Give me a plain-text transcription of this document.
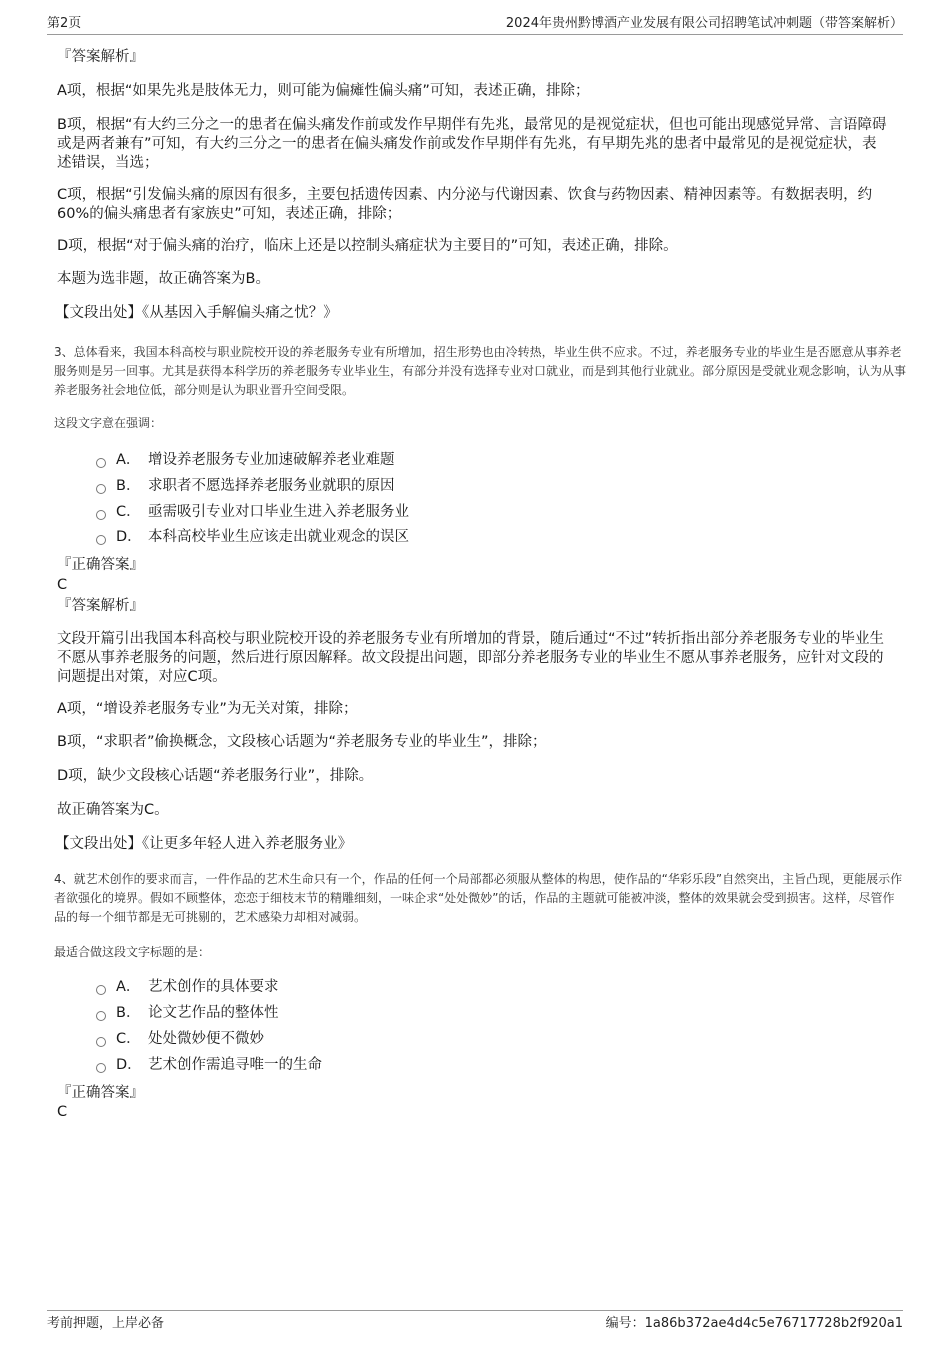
第2页	2024年贵州黔博酒产业发展有限公司招聘笔试冲刺题（带答案解析）
『答案解析』
A项，根据“如果先兆是肢体无力，则可能为偏瘫性偏头痛”可知，表述正确，排除；
B项，根据“有大约三分之一的患者在偏头痛发作前或发作早期伴有先兆，最常见的是视觉症状，但也可能出现感觉异常、言语障碍或是两者兼有”可知，有大约三分之一的患者在偏头痛发作前或发作早期伴有先兆，有早期先兆的患者中最常见的是视觉症状，表述错误，当选；
C项，根据“引发偏头痛的原因有很多，主要包括遗传因素、内分泌与代谢因素、饮食与药物因素、精神因素等。有数据表明，约60%的偏头痛患者有家族史”可知，表述正确，排除；
D项，根据“对于偏头痛的治疗，临床上还是以控制头痛症状为主要目的”可知，表述正确，排除。
本题为选非题，故正确答案为B。
【文段出处】《从基因入手解偏头痛之忧？》
3、总体看来，我国本科高校与职业院校开设的养老服务专业有所增加，招生形势也由冷转热，毕业生供不应求。不过，养老服务专业的毕业生是否愿意从事养老服务则是另一回事。尤其是获得本科学历的养老服务专业毕业生，有部分并没有选择专业对口就业，而是到其他行业就业。部分原因是受就业观念影响，认为从事养老服务社会地位低，部分则是认为职业晋升空间受限。
这段文字意在强调：
A． 增设养老服务专业加速破解养老业难题
B． 求职者不愿选择养老服务业就职的原因
C． 亟需吸引专业对口毕业生进入养老服务业
D． 本科高校毕业生应该走出就业观念的误区
『正确答案』
C
『答案解析』
文段开篇引出我国本科高校与职业院校开设的养老服务专业有所增加的背景，随后通过“不过”转折指出部分养老服务专业的毕业生不愿从事养老服务的问题，然后进行原因解释。故文段提出问题，即部分养老服务专业的毕业生不愿从事养老服务，应针对文段的问题提出对策，对应C项。
A项，“增设养老服务专业”为无关对策，排除；
B项，“求职者”偷换概念，文段核心话题为“养老服务专业的毕业生”，排除；
D项，缺少文段核心话题“养老服务行业”，排除。
故正确答案为C。
【文段出处】《让更多年轻人进入养老服务业》
4、就艺术创作的要求而言，一件作品的艺术生命只有一个，作品的任何一个局部都必须服从整体的构思，使作品的“华彩乐段”自然突出，主旨凸现，更能展示作者欲强化的境界。假如不顾整体，恋恋于细枝末节的精雕细刻，一味企求“处处微妙”的话，作品的主题就可能被冲淡，整体的效果就会受到损害。这样，尽管作品的每一个细节都是无可挑剔的，艺术感染力却相对减弱。
最适合做这段文字标题的是：
A． 艺术创作的具体要求
B． 论文艺作品的整体性
C． 处处微妙便不微妙
D． 艺术创作需追寻唯一的生命
『正确答案』
C
考前押题，上岸必备	编号：1a86b372ae4d4c5e76717728b2f920a1
